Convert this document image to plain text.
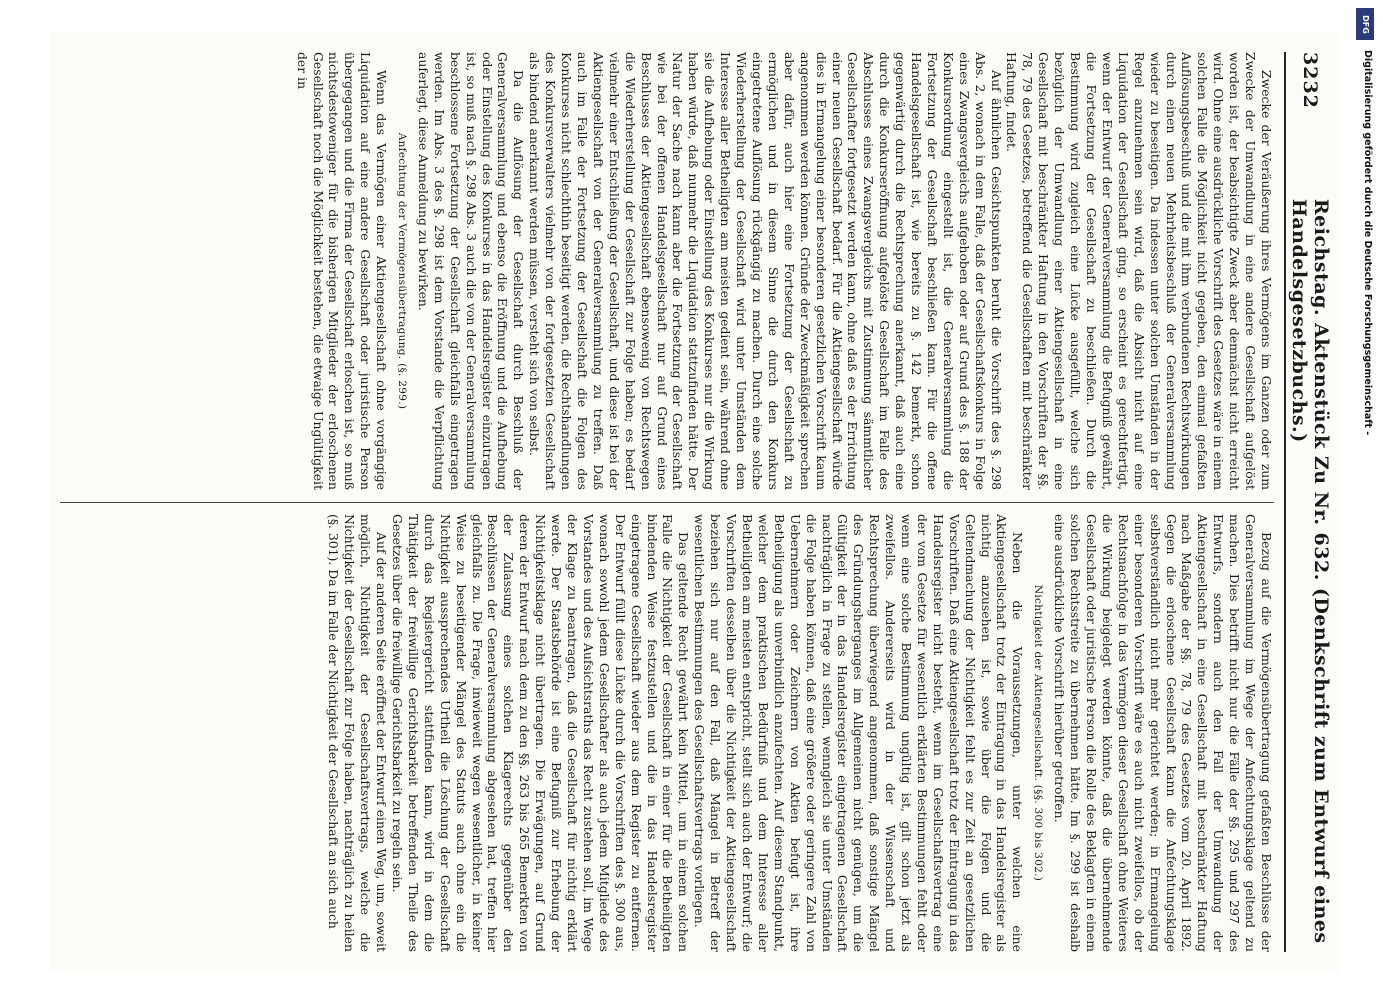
3232
Reichstag. Aktenstück Zu Nr. 632. (Denkschrift zum Entwurf eines Handelsgesetzbuchs.)

Zwecke der Veräußerung ihres Vermögens im Ganzen oder zum Zwecke der Umwandlung in eine andere Gesellschaft aufgelöst worden ist, der beabsichtigte Zweck aber demnächst nicht erreicht wird. Ohne eine ausdrückliche Vorschrift des Gesetzes wäre in einem solchen Falle die Möglichkeit nicht gegeben, den einmal gefaßten Auflösungsbeschluß und die mit ihm verbundenen Rechtswirkungen durch einen neuen Mehrheitsbeschluß der Generalversammlung wieder zu beseitigen. Da indessen unter solchen Umständen in der Regel anzunehmen sein wird, daß die Absicht nicht auf eine Liquidation der Gesellschaft ging, so erscheint es gerechtfertigt, wenn der Entwurf der Generalversammlung die Befugniß gewährt, die Fortsetzung der Gesellschaft zu beschließen. Durch die Bestimmung wird zugleich eine Lücke ausgefüllt, welche sich bezüglich der Umwandlung einer Aktiengesellschaft in eine Gesellschaft mit beschränkter Haftung in den Vorschriften der §§. 78, 79 des Gesetzes, betreffend die Gesellschaften mit beschränkter Haftung, findet.

Auf ähnlichen Gesichtspunkten beruht die Vorschrift des §. 298 Abs. 2, wonach in dem Falle, daß der Gesellschaftskonkurs in Folge eines Zwangsvergleichs aufgehoben oder auf Grund des §. 188 der Konkursordnung eingestellt ist, die Generalversammlung die Fortsetzung der Gesellschaft beschließen kann. Für die offene Handelsgesellschaft ist, wie bereits zu §. 142 bemerkt, schon gegenwärtig durch die Rechtsprechung anerkannt, daß auch eine durch die Konkurseröffnung aufgelöste Gesellschaft im Falle des Abschlusses eines Zwangsvergleichs mit Zustimmung sämmtlicher Gesellschafter fortgesetzt werden kann, ohne daß es der Errichtung einer neuen Gesellschaft bedarf. Für die Aktiengesellschaft würde dies in Ermangelung einer besonderen gesetzlichen Vorschrift kaum angenommen werden können. Gründe der Zweckmäßigkeit sprechen aber dafür, auch hier eine Fortsetzung der Gesellschaft zu ermöglichen und in diesem Sinne die durch den Konkurs eingetretene Auflösung rückgängig zu machen. Durch eine solche Wiederherstellung der Gesellschaft wird unter Umständen dem Interesse aller Betheiligten am meisten gedient sein, während ohne sie die Aufhebung oder Einstellung des Konkurses nur die Wirkung haben würde, daß nunmehr die Liquidation stattzufinden hätte. Der Natur der Sache nach kann aber die Fortsetzung der Gesellschaft wie bei der offenen Handelsgesellschaft nur auf Grund eines Beschlusses der Aktiengesellschaft ebensowenig von Rechtswegen die Wiederherstellung der Gesellschaft zur Folge haben; es bedarf vielmehr einer Entschließung der Gesellschaft, und diese ist bei der Aktiengesellschaft von der Generalversammlung zu treffen. Daß auch im Falle der Fortsetzung der Gesellschaft die Folgen des Konkurses nicht schlechthin beseitigt werden, die Rechtshandlungen des Konkursverwalters vielmehr von der fortgesetzten Gesellschaft als bindend anerkannt werden müssen, versteht sich von selbst.

Da die Auflösung der Gesellschaft durch Beschluß der Generalversammlung und ebenso die Eröffnung und die Aufhebung oder Einstellung des Konkurses in das Handelsregister einzutragen ist, so muß nach §. 298 Abs. 3 auch die von der Generalversammlung beschlossene Fortsetzung der Gesellschaft gleichfalls eingetragen werden. Im Abs. 3 des §. 298 ist dem Vorstande die Verpflichtung auferlegt, diese Anmeldung zu bewirken.

Anfechtung der Vermögensübertragung. (§. 299.)

Wenn das Vermögen einer Aktiengesellschaft ohne vorgängige Liquidation auf eine andere Gesellschaft oder juristische Person übergegangen und die Firma der Gesellschaft erloschen ist, so muß nichtsdestoweniger für die bisherigen Mitglieder der erloschenen Gesellschaft noch die Möglichkeit bestehen, die etwaige Ungültigkeit der in

Bezug auf die Vermögensübertragung gefaßten Beschlüsse der Generalversammlung im Wege der Anfechtungsklage geltend zu machen. Dies betrifft nicht nur die Fälle der §§. 295 und 297 des Entwurfs, sondern auch den Fall der Umwandlung der Aktiengesellschaft in eine Gesellschaft mit beschränkter Haftung nach Maßgabe der §§. 78, 79 des Gesetzes vom 20. April 1892. Gegen die erloschene Gesellschaft kann die Anfechtungsklage selbstverständlich nicht mehr gerichtet werden; in Ermangelung einer besonderen Vorschrift wäre es auch nicht zweifellos, ob der Rechtsnachfolge in das Vermögen dieser Gesellschaft ohne Weiteres die Wirkung beigelegt werden könnte, daß die übernehmende Gesellschaft oder juristische Person die Rolle des Beklagten in einem solchen Rechtsstreite zu übernehmen hätte. Im §. 299 ist deshalb eine ausdrückliche Vorschrift hierüber getroffen.

Nichtigkeit der Aktiengesellschaft. (§§. 300 bis 302.)

Neben die Voraussetzungen, unter welchen eine Aktiengesellschaft trotz der Eintragung in das Handelsregister als nichtig anzusehen ist, sowie über die Folgen und die Geltendmachung der Nichtigkeit fehlt es zur Zeit an gesetzlichen Vorschriften. Daß eine Aktiengesellschaft trotz der Eintragung in das Handelsregister nicht besteht, wenn im Gesellschaftsvertrag eine der vom Gesetze für wesentlich erklärten Bestimmungen fehlt oder wenn eine solche Bestimmung ungültig ist, gilt schon jetzt als zweifellos. Andererseits wird in der Wissenschaft und Rechtsprechung überwiegend angenommen, daß sonstige Mängel des Gründungsherganges im Allgemeinen nicht genügen, um die Gültigkeit der in das Handelsregister eingetragenen Gesellschaft nachträglich in Frage zu stellen, wenngleich sie unter Umständen die Folge haben können, daß eine größere oder geringere Zahl von Uebernehmern oder Zeichnern von Aktien befugt ist, ihre Betheiligung als unverbindlich anzufechten. Auf diesem Standpunkt, welcher dem praktischen Bedürfniß und dem Interesse aller Betheiligten am meisten entspricht, stellt sich auch der Entwurf; die Vorschriften desselben über die Nichtigkeit der Aktiengesellschaft beziehen sich nur auf den Fall, daß Mängel in Betreff der wesentlichen Bestimmungen des Gesellschaftsvertrags vorliegen.

Das geltende Recht gewährt kein Mittel, um in einem solchen Falle die Nichtigkeit der Gesellschaft in einer für die Betheiligten bindenden Weise festzustellen und die in das Handelsregister eingetragene Gesellschaft wieder aus dem Register zu entfernen. Der Entwurf füllt diese Lücke durch die Vorschriften des §. 300 aus, wonach sowohl jedem Gesellschafter als auch jedem Mitgliede des Vorstandes und des Aufsichtsraths das Recht zustehen soll, im Wege der Klage zu beantragen, daß die Gesellschaft für nichtig erklärt werde. Der Staatsbehörde ist eine Befugniß zur Erhebung der Nichtigkeitsklage nicht übertragen. Die Erwägungen, auf Grund deren der Entwurf nach dem zu den §§. 263 bis 265 Bemerkten von der Zulassung eines solchen Klagerechts gegenüber den Beschlüssen der Generalversammlung abgesehen hat, treffen hier gleichfalls zu. Die Frage, inwieweit wegen wesentlicher, in keiner Weise zu beseitigender Mängel des Statuts auch ohne ein die Nichtigkeit aussprechendes Urtheil die Löschung der Gesellschaft durch das Registergericht stattfinden kann, wird in dem die Thätigkeit der freiwillige Gerichtsbarkeit betreffenden Theile des Gesetzes über die freiwillige Gerichtsbarkeit zu regeln sein.

Auf der anderen Seite eröffnet der Entwurf einen Weg, um, soweit möglich, Nichtigkeit der Gesellschaftsvertrags, welche die Nichtigkeit der Gesellschaft zur Folge haben, nachträglich zu heilen (§. 301). Da im Falle der Nichtigkeit der Gesellschaft an sich auch

DFG
Digitalisierung gefördert durch die Deutsche Forschungsgemeinschaft -
